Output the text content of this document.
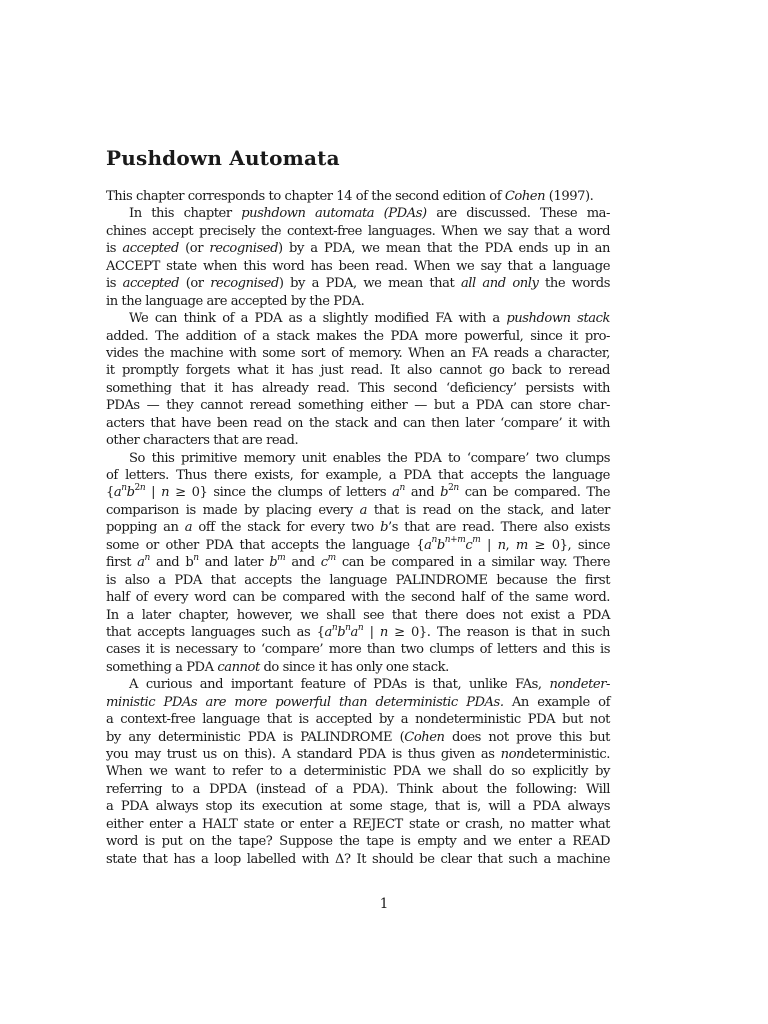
Pushdown Automata
This chapter corresponds to chapter 14 of the second edition of Cohen (1997).
In this chapter pushdown automata (PDAs) are discussed. These ma-
chines accept precisely the context-free languages. When we say that a word
is accepted (or recognised) by a PDA, we mean that the PDA ends up in an
ACCEPT state when this word has been read. When we say that a language
is accepted (or recognised) by a PDA, we mean that all and only the words
in the language are accepted by the PDA.
We can think of a PDA as a slightly modified FA with a pushdown stack
added. The addition of a stack makes the PDA more powerful, since it pro-
vides the machine with some sort of memory. When an FA reads a character,
it promptly forgets what it has just read. It also cannot go back to reread
something that it has already read. This second ‘deficiency’ persists with
PDAs — they cannot reread something either — but a PDA can store char-
acters that have been read on the stack and can then later ‘compare’ it with
other characters that are read.
So this primitive memory unit enables the PDA to ‘compare’ two clumps
of letters. Thus there exists, for example, a PDA that accepts the language
{$a^nb^{2n}$ | n ≥ 0} since the clumps of letters $a^n$ and $b^{2n}$ can be compared. The
comparison is made by placing every a that is read on the stack, and later
popping an a off the stack for every two b’s that are read. There also exists
some or other PDA that accepts the language {$a^nb^{n+m}c^m$ | n, m ≥ 0}, since
first $a^n$ and $b^n$ and later $b^m$ and $c^m$ can be compared in a similar way. There
is also a PDA that accepts the language PALINDROME because the first
half of every word can be compared with the second half of the same word.
In a later chapter, however, we shall see that there does not exist a PDA
that accepts languages such as {$a^nb^na^n$ | n ≥ 0}. The reason is that in such
cases it is necessary to ‘compare’ more than two clumps of letters and this is
something a PDA cannot do since it has only one stack.
A curious and important feature of PDAs is that, unlike FAs, nondeter-
ministic PDAs are more powerful than deterministic PDAs. An example of
a context-free language that is accepted by a nondeterministic PDA but not
by any deterministic PDA is PALINDROME (Cohen does not prove this but
you may trust us on this). A standard PDA is thus given as nondeterministic.
When we want to refer to a deterministic PDA we shall do so explicitly by
referring to a DPDA (instead of a PDA). Think about the following: Will
a PDA always stop its execution at some stage, that is, will a PDA always
either enter a HALT state or enter a REJECT state or crash, no matter what
word is put on the tape? Suppose the tape is empty and we enter a READ
state that has a loop labelled with Δ? It should be clear that such a machine
1
